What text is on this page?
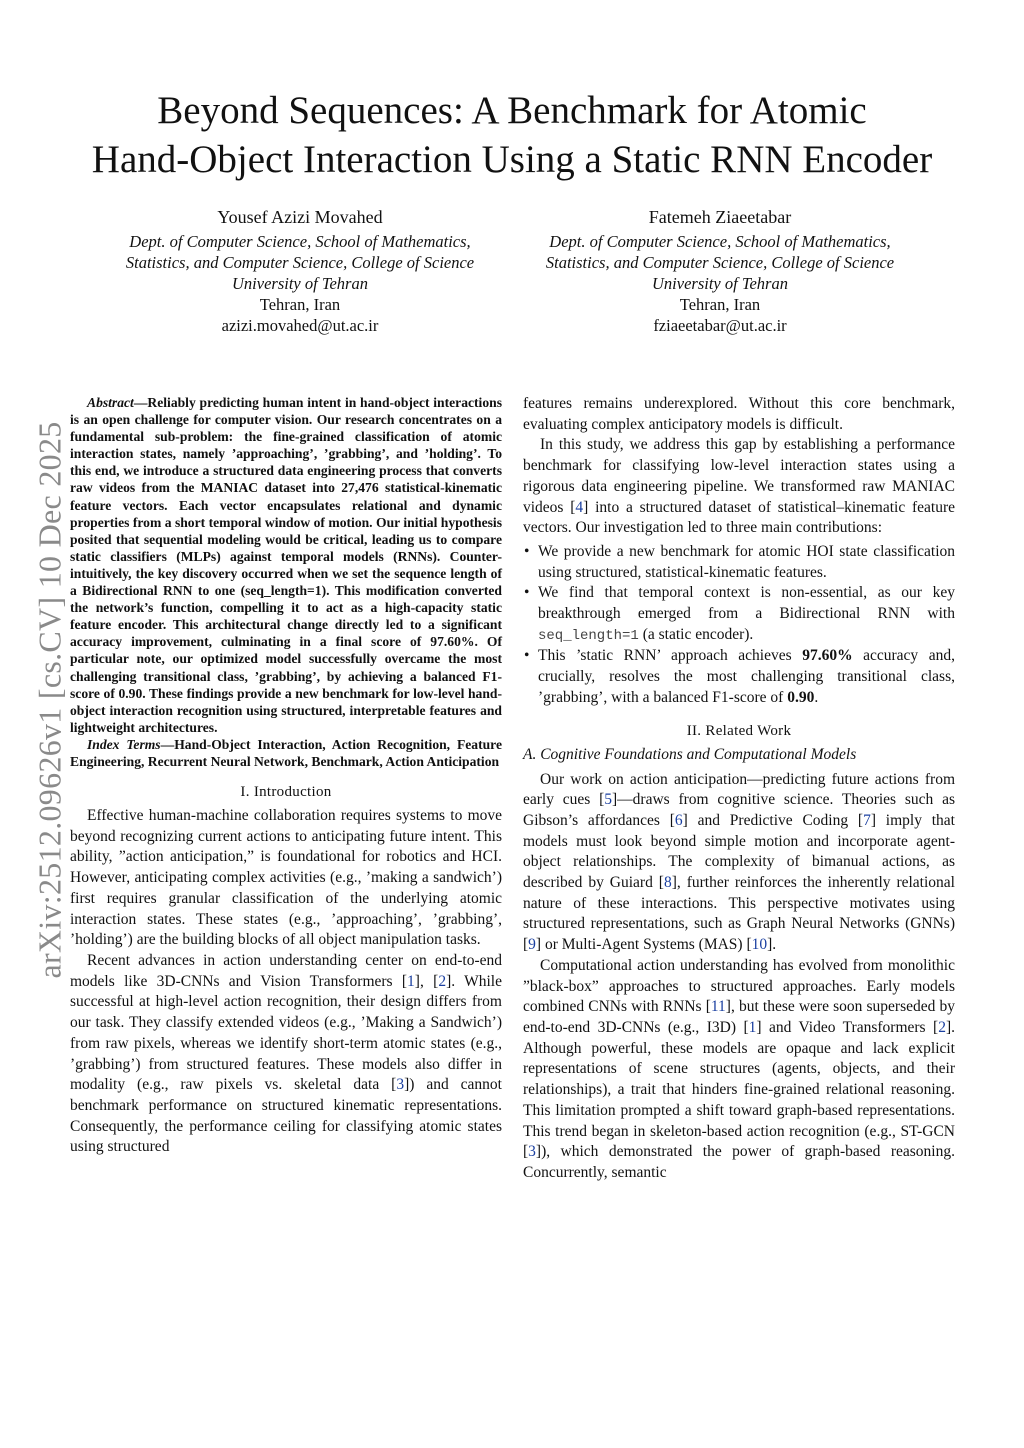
Beyond Sequences: A Benchmark for Atomic
Hand-Object Interaction Using a Static RNN Encoder
Yousef Azizi Movahed
Dept. of Computer Science, School of Mathematics,
Statistics, and Computer Science, College of Science
University of Tehran
Tehran, Iran
azizi.movahed@ut.ac.ir
Fatemeh Ziaeetabar
Dept. of Computer Science, School of Mathematics,
Statistics, and Computer Science, College of Science
University of Tehran
Tehran, Iran
fziaeetabar@ut.ac.ir
arXiv:2512.09626v1 [cs.CV] 10 Dec 2025

Abstract—Reliably predicting human intent in hand-object interactions is an open challenge for computer vision. Our research concentrates on a fundamental sub-problem: the fine-grained classification of atomic interaction states, namely ’approaching’, ’grabbing’, and ’holding’. To this end, we introduce a structured data engineering process that converts raw videos from the MANIAC dataset into 27,476 statistical-kinematic feature vectors. Each vector encapsulates relational and dynamic properties from a short temporal window of motion. Our initial hypothesis posited that sequential modeling would be critical, leading us to compare static classifiers (MLPs) against temporal models (RNNs). Counter-intuitively, the key discovery occurred when we set the sequence length of a Bidirectional RNN to one (seq_length=1). This modification converted the network’s function, compelling it to act as a high-capacity static feature encoder. This architectural change directly led to a significant accuracy improvement, culminating in a final score of 97.60%. Of particular note, our optimized model successfully overcame the most challenging transitional class, ’grabbing’, by achieving a balanced F1-score of 0.90. These findings provide a new benchmark for low-level hand-object interaction recognition using structured, interpretable features and lightweight architectures.

Index Terms—Hand-Object Interaction, Action Recognition, Feature Engineering, Recurrent Neural Network, Benchmark, Action Anticipation

I. Introduction

Effective human-machine collaboration requires systems to move beyond recognizing current actions to anticipating future intent. This ability, ”action anticipation,” is foundational for robotics and HCI. However, anticipating complex activities (e.g., ’making a sandwich’) first requires granular classification of the underlying atomic interaction states. These states (e.g., ’approaching’, ’grabbing’, ’holding’) are the building blocks of all object manipulation tasks.

Recent advances in action understanding center on end-to-end models like 3D-CNNs and Vision Transformers [1], [2]. While successful at high-level action recognition, their design differs from our task. They classify extended videos (e.g., ’Making a Sandwich’) from raw pixels, whereas we identify short-term atomic states (e.g., ’grabbing’) from structured features. These models also differ in modality (e.g., raw pixels vs. skeletal data [3]) and cannot benchmark performance on structured kinematic representations. Consequently, the performance ceiling for classifying atomic states using structured

features remains underexplored. Without this core benchmark, evaluating complex anticipatory models is difficult.

In this study, we address this gap by establishing a performance benchmark for classifying low-level interaction states using a rigorous data engineering pipeline. We transformed raw MANIAC videos [4] into a structured dataset of statistical–kinematic feature vectors. Our investigation led to three main contributions:

• We provide a new benchmark for atomic HOI state classification using structured, statistical-kinematic features.
• We find that temporal context is non-essential, as our key breakthrough emerged from a Bidirectional RNN with seq_length=1 (a static encoder).
• This ’static RNN’ approach achieves 97.60% accuracy and, crucially, resolves the most challenging transitional class, ’grabbing’, with a balanced F1-score of 0.90.
II. Related Work
A. Cognitive Foundations and Computational Models

Our work on action anticipation—predicting future actions from early cues [5]—draws from cognitive science. Theories such as Gibson’s affordances [6] and Predictive Coding [7] imply that models must look beyond simple motion and incorporate agent-object relationships. The complexity of bimanual actions, as described by Guiard [8], further reinforces the inherently relational nature of these interactions. This perspective motivates using structured representations, such as Graph Neural Networks (GNNs) [9] or Multi-Agent Systems (MAS) [10].

Computational action understanding has evolved from monolithic ”black-box” approaches to structured approaches. Early models combined CNNs with RNNs [11], but these were soon superseded by end-to-end 3D-CNNs (e.g., I3D) [1] and Video Transformers [2]. Although powerful, these models are opaque and lack explicit representations of scene structures (agents, objects, and their relationships), a trait that hinders fine-grained relational reasoning. This limitation prompted a shift toward graph-based representations. This trend began in skeleton-based action recognition (e.g., ST-GCN [3]), which demonstrated the power of graph-based reasoning. Concurrently, semantic
